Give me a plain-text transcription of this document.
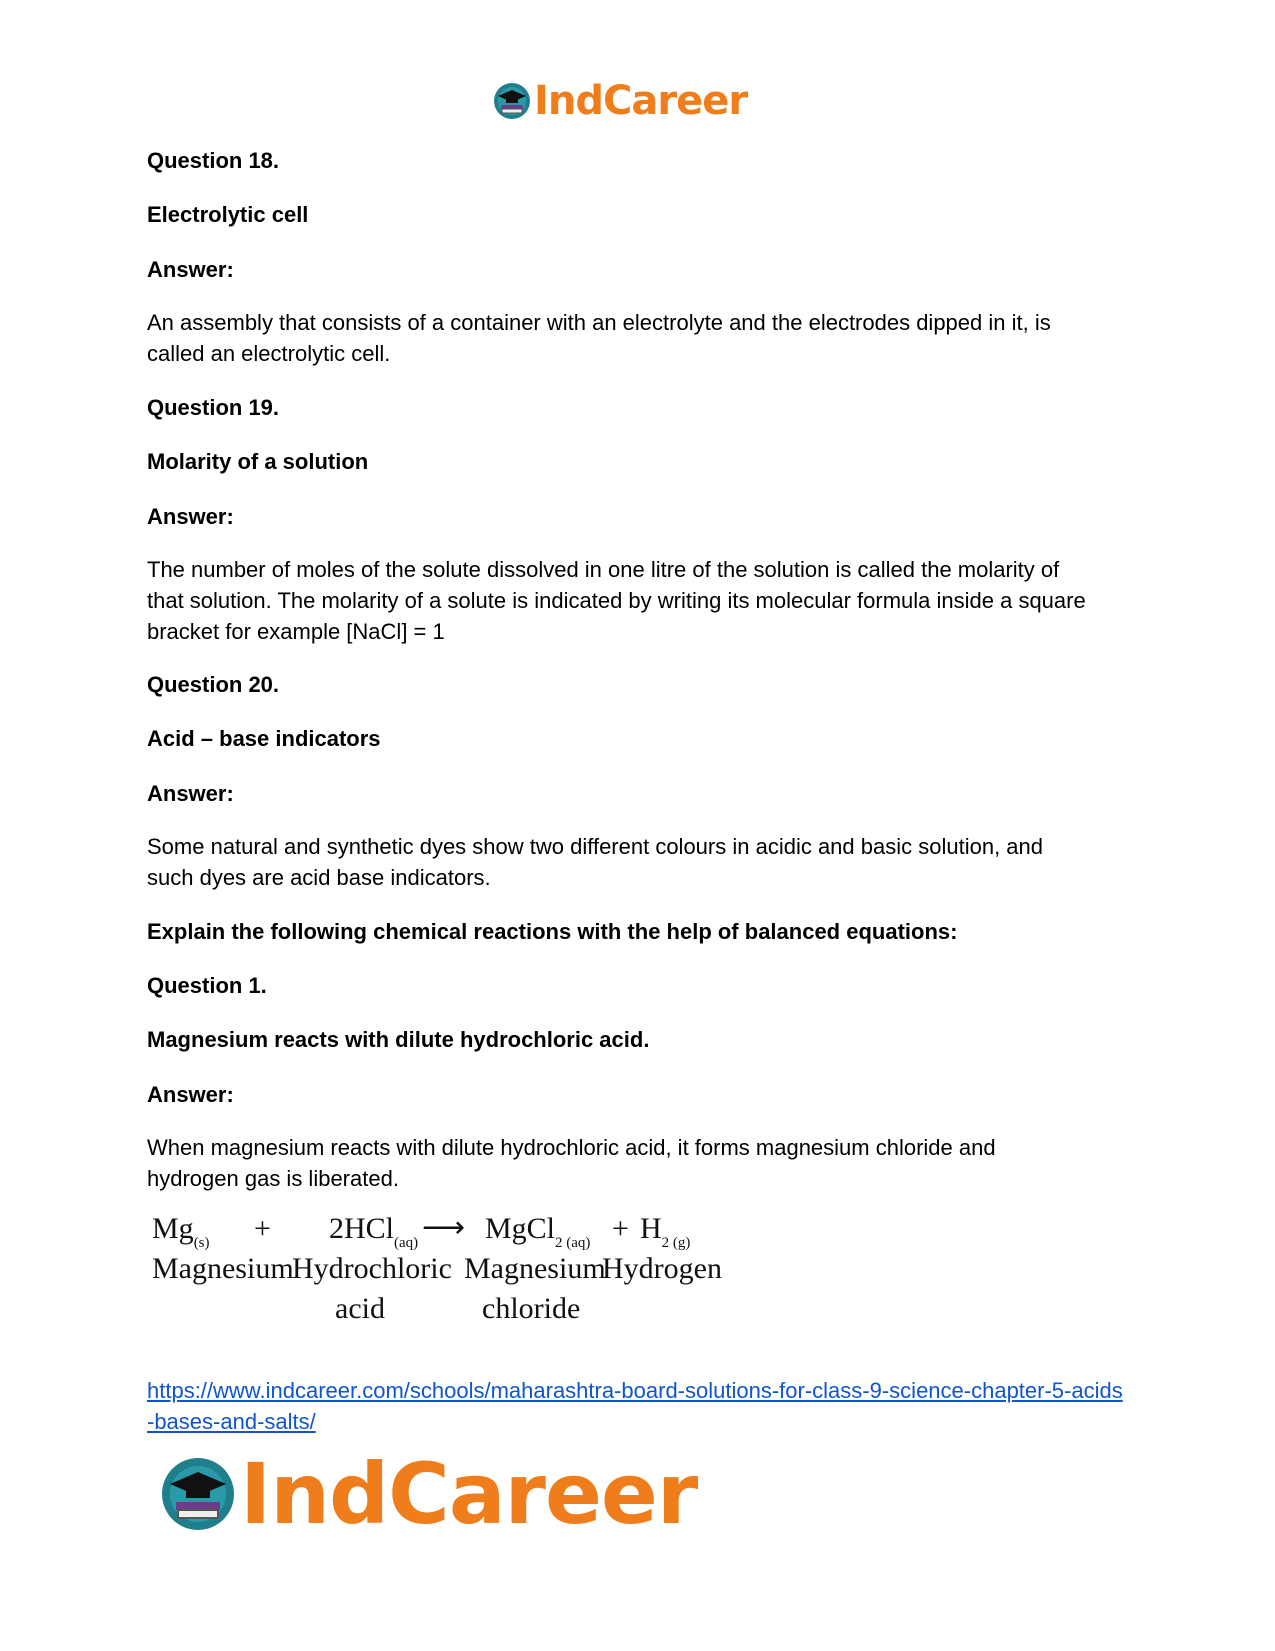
IndCareer
Question 18.
Electrolytic cell
Answer:
An assembly that consists of a container with an electrolyte and the electrodes dipped in it, is called an electrolytic cell.
Question 19.
Molarity of a solution
Answer:
The number of moles of the solute dissolved in one litre of the solution is called the molarity of that solution. The molarity of a solute is indicated by writing its molecular formula inside a square bracket for example [NaCl] = 1
Question 20.
Acid – base indicators
Answer:
Some natural and synthetic dyes show two different colours in acidic and basic solution, and such dyes are acid base indicators.
Explain the following chemical reactions with the help of balanced equations:
Question 1.
Magnesium reacts with dilute hydrochloric acid.
Answer:
When magnesium reacts with dilute hydrochloric acid, it forms magnesium chloride and hydrogen gas is liberated.
$Mg_{(s)} + 2HCl_{(aq)}$ ⟶ MgCl$_{2 (aq)}$ + $H_{2 (g)}$
Magnesium
Hydrochloric
acid
Magnesium
chloride
Hydrogen
https://www.indcareer.com/schools/maharashtra-board-solutions-for-class-9-science-chapter-5-acids-bases-and-salts/
IndCareer
